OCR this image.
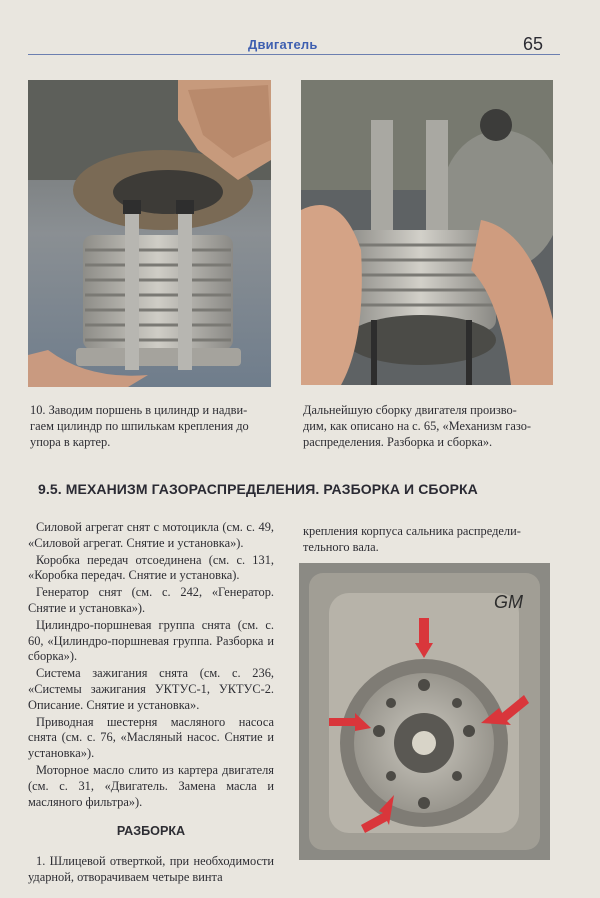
Двигатель	65
10. Заводим поршень в цилиндр и надви-
гаем цилиндр по шпилькам крепления до
упора в картер.
Дальнейшую сборку двигателя произво-
дим, как описано на с. 65, «Механизм газо-
распределения. Разборка и сборка».
9.5. МЕХАНИЗМ ГАЗОРАСПРЕДЕЛЕНИЯ. РАЗБОРКА И СБОРКА

Силовой агрегат снят с мотоцикла (см. с. 49, «Силовой агрегат. Снятие и установка»).

Коробка передач отсоединена (см. с. 131, «Коробка передач. Снятие и установка).

Генератор снят (см. с. 242, «Генератор. Снятие и установка»).

Цилиндро-поршневая группа снята (см. с. 60, «Цилиндро-поршневая группа. Разборка и сборка»).

Система зажигания снята (см. с. 236, «Системы зажигания УКТУС-1, УКТУС-2. Описание. Снятие и установка».

Приводная шестерня масляного насоса снята (см. с. 76, «Масляный насос. Снятие и установка»).

Моторное масло слито из картера двигателя (см. с. 31, «Двигатель. Замена масла и масляного фильтра»).

РАЗБОРКА

1. Шлицевой отверткой, при необходимости ударной, отворачиваем четыре винта

крепления корпуса сальника распредели-
тельного вала.
GM
